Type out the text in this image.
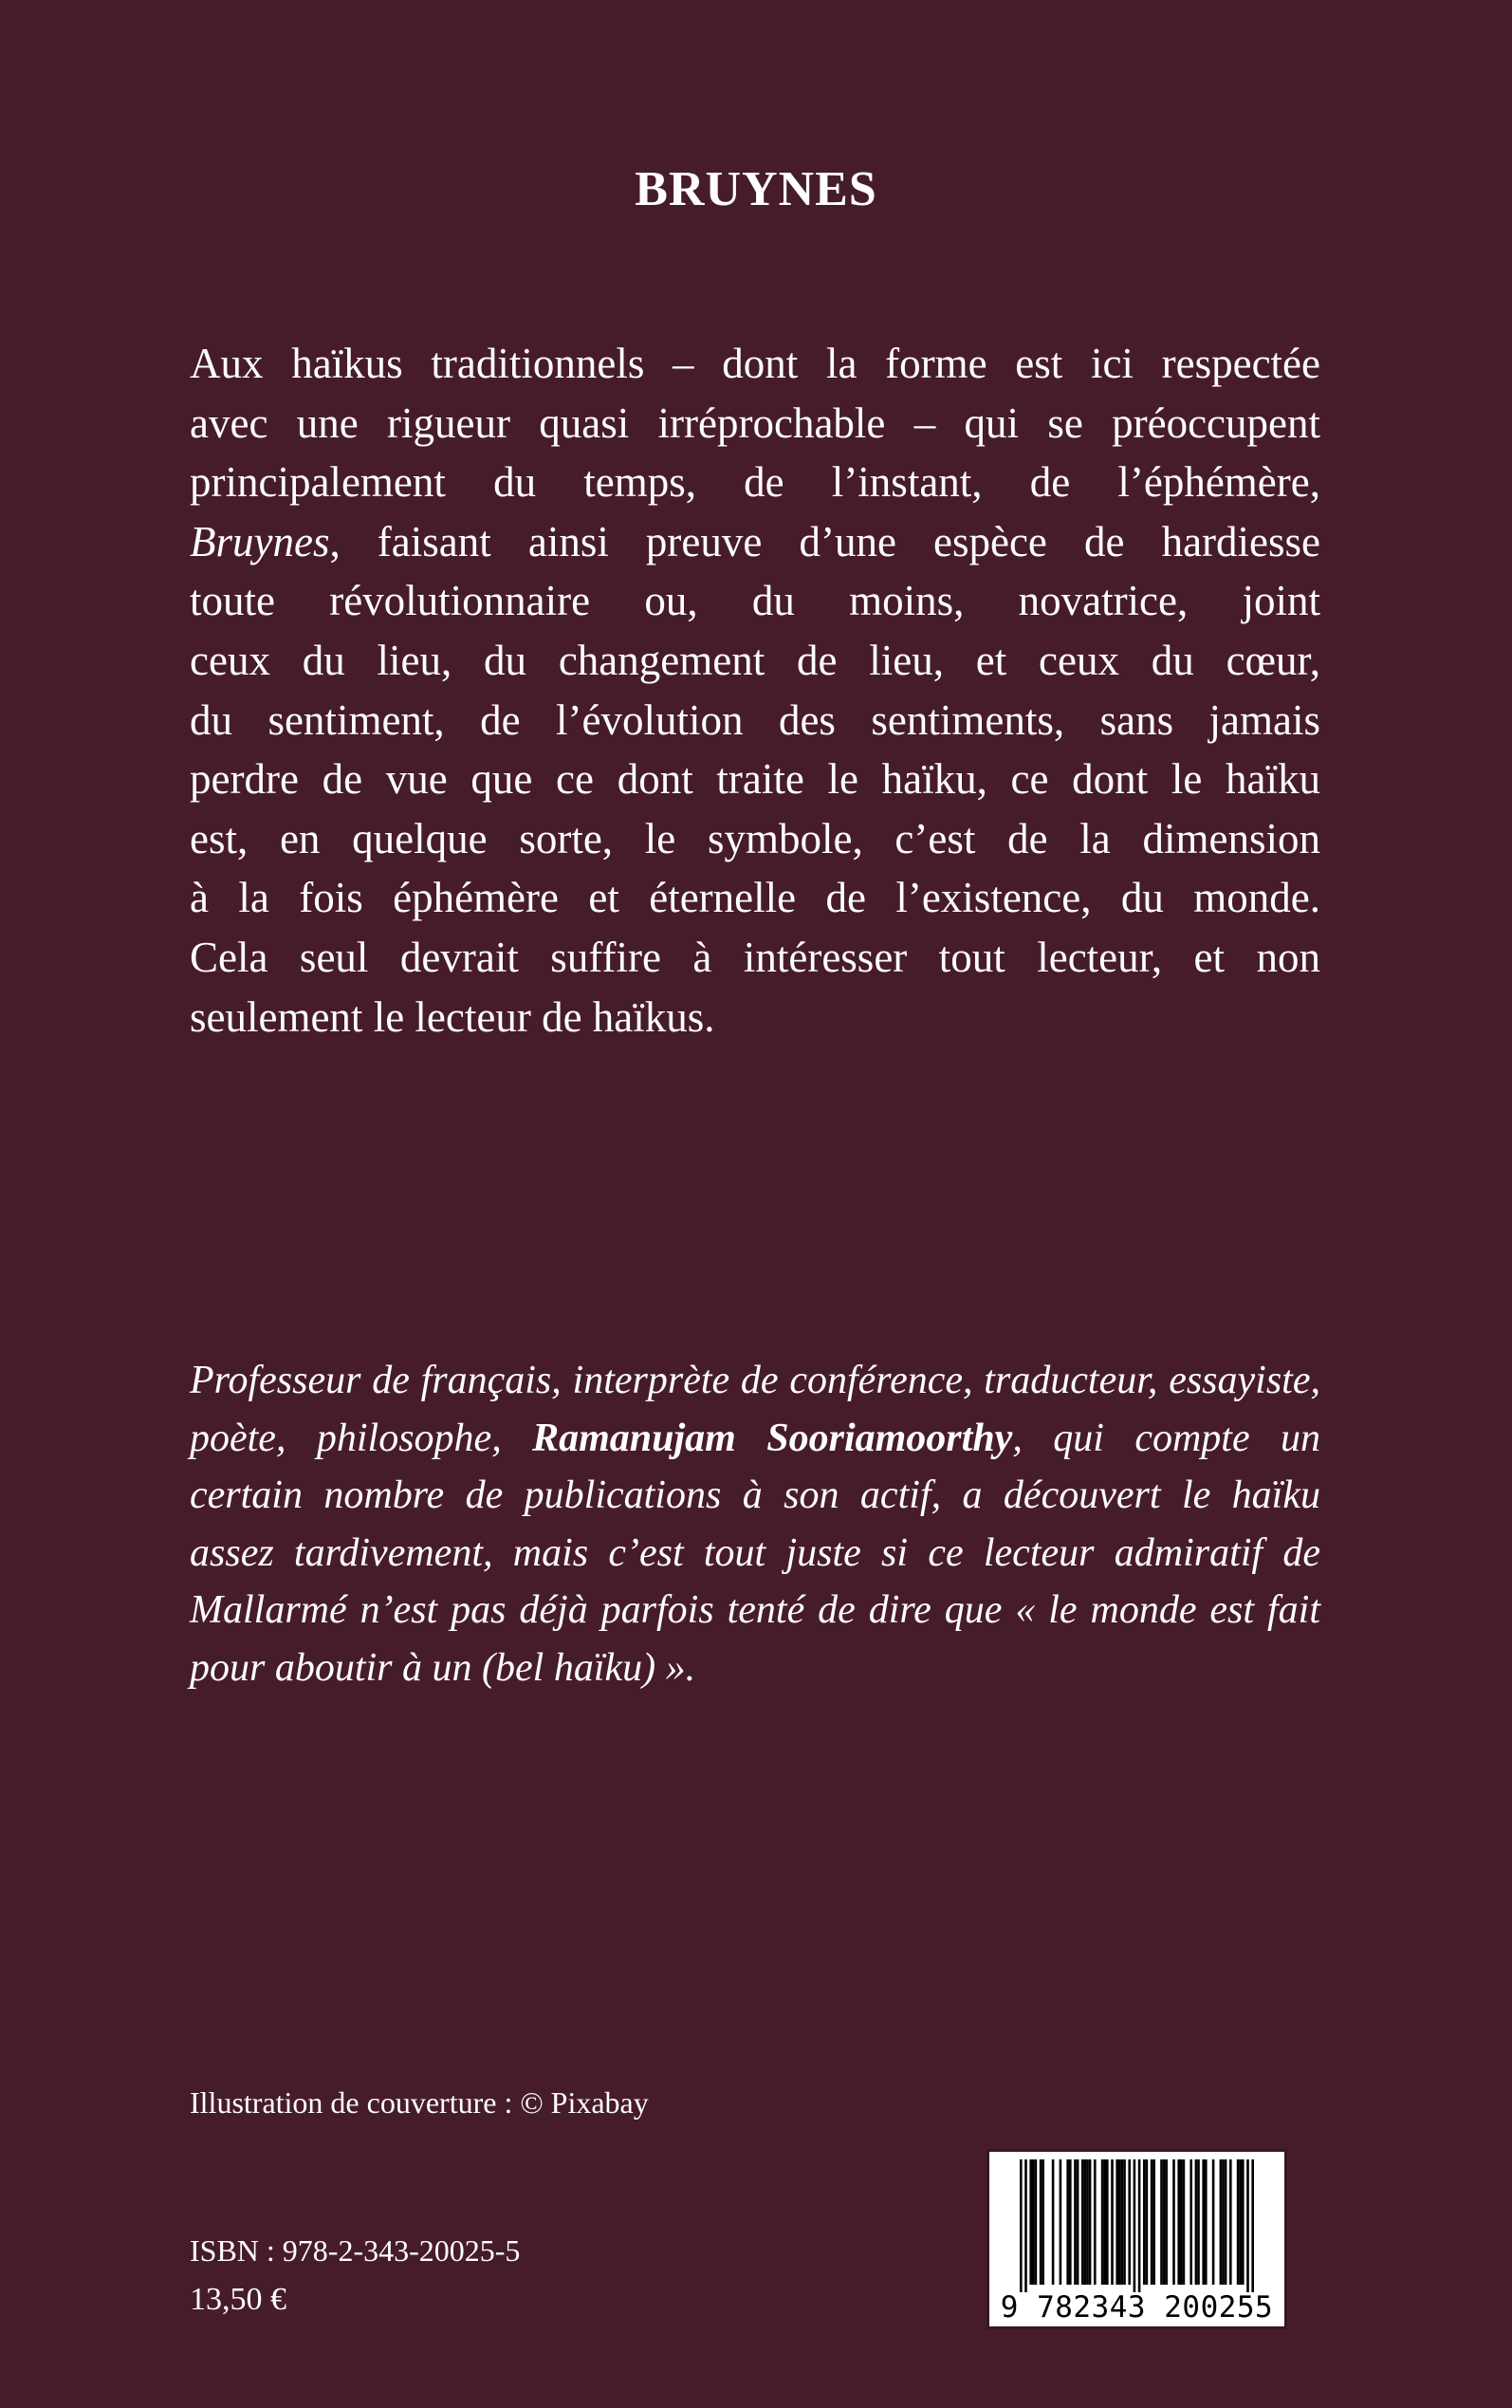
BRUYNES
Aux haïkus traditionnels – dont la forme est ici respectée
avec une rigueur quasi irréprochable – qui se préoccupent
principalement du temps, de l’instant, de l’éphémère,
Bruynes, faisant ainsi preuve d’une espèce de hardiesse
toute révolutionnaire ou, du moins, novatrice, joint
ceux du lieu, du changement de lieu, et ceux du cœur,
du sentiment, de l’évolution des sentiments, sans jamais
perdre de vue que ce dont traite le haïku, ce dont le haïku
est, en quelque sorte, le symbole, c’est de la dimension
à la fois éphémère et éternelle de l’existence, du monde.
Cela seul devrait suffire à intéresser tout lecteur, et non
seulement le lecteur de haïkus.
Professeur de français, interprète de conférence, traducteur, essayiste,
poète, philosophe, Ramanujam Sooriamoorthy, qui compte un
certain nombre de publications à son actif, a découvert le haïku
assez tardivement, mais c’est tout juste si ce lecteur admiratif de
Mallarmé n’est pas déjà parfois tenté de dire que « le monde est fait
pour aboutir à un (bel haïku) ».
Illustration de couverture : © Pixabay
ISBN : 978-2-343-20025-5
13,50 €	9 782343 200255
